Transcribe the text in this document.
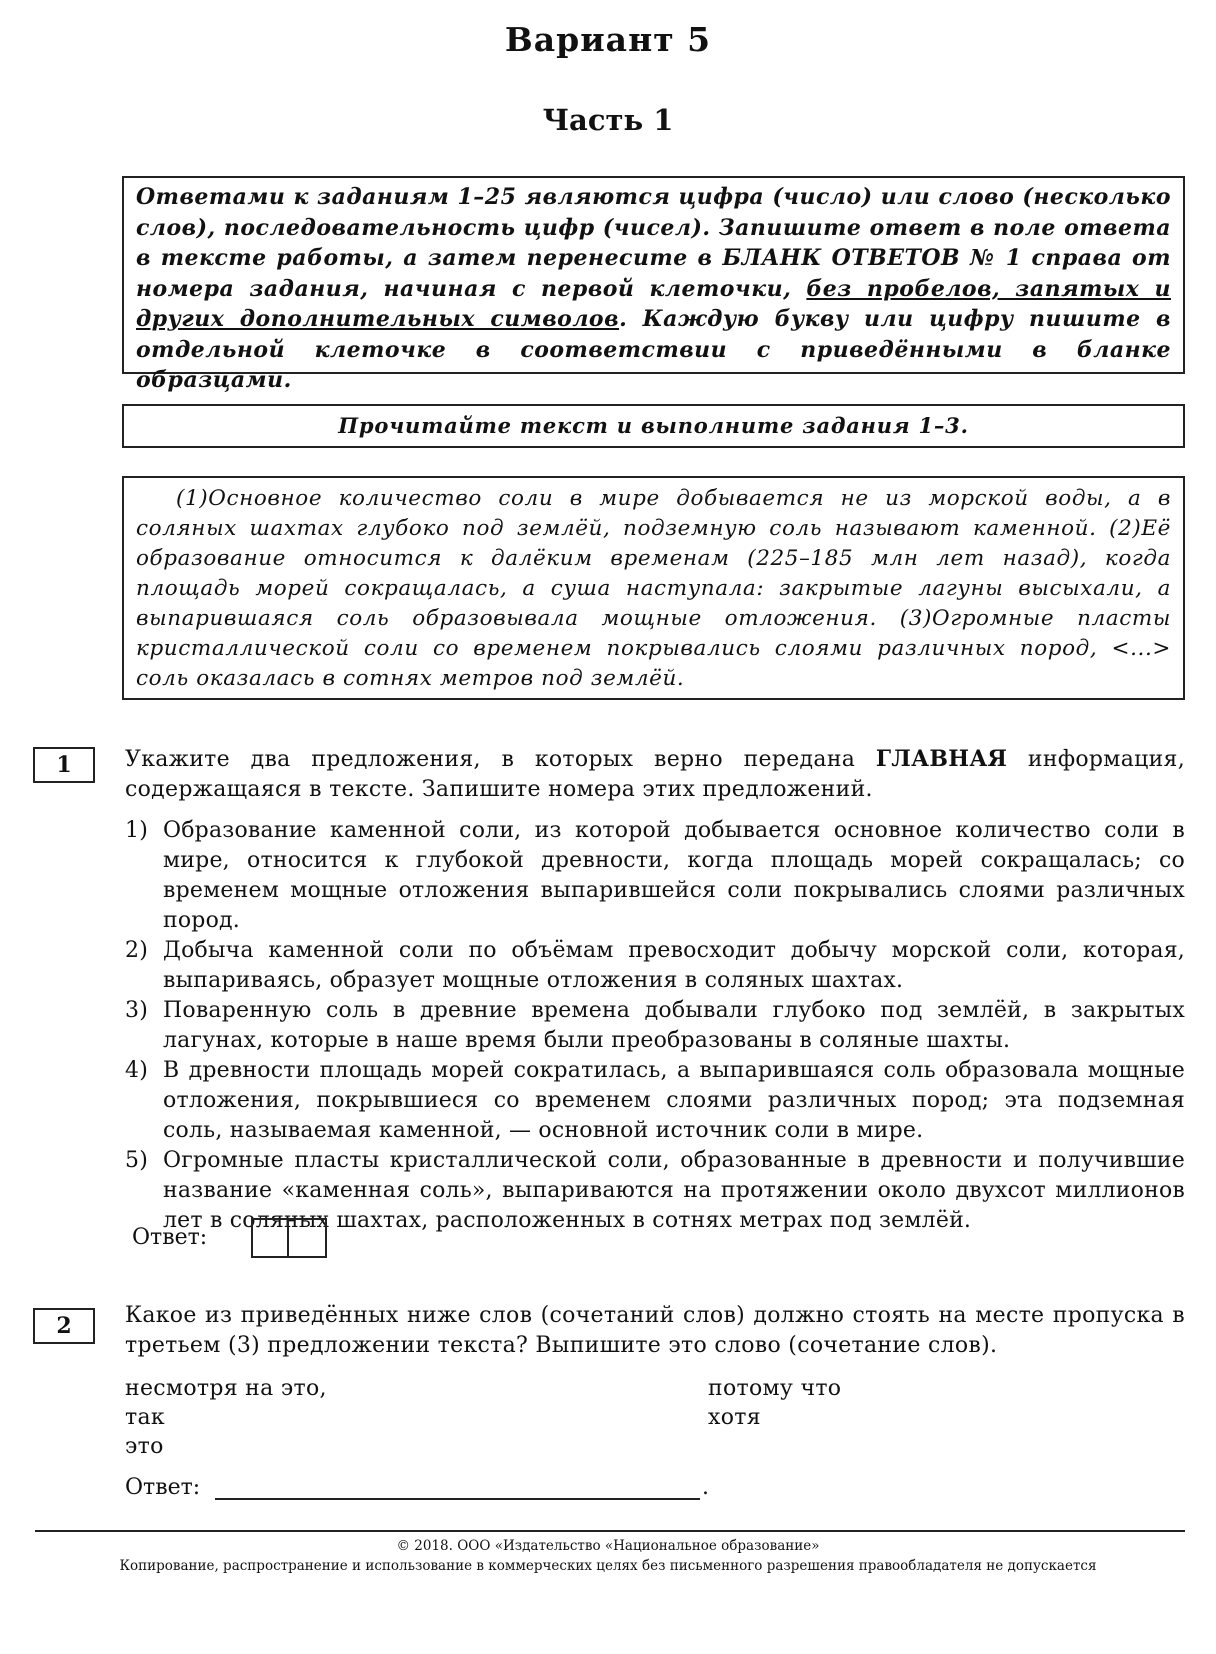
Вариант 5
Часть 1
Ответами к заданиям 1–25 являются цифра (число) или слово (несколько слов), последовательность цифр (чисел). Запишите ответ в поле ответа в тексте работы, а затем перенесите в БЛАНК ОТВЕТОВ № 1 справа от номера задания, начиная с первой клеточки, без пробелов, запятых и других дополнительных символов. Каждую букву или цифру пишите в отдельной клеточке в соответствии с приведёнными в бланке образцами.
Прочитайте текст и выполните задания 1–3.
(1)Основное количество соли в мире добывается не из морской воды, а в соляных шахтах глубоко под землёй, подземную соль называют каменной. (2)Её образование относится к далёким временам (225–185 млн лет назад), когда площадь морей сокращалась, а суша наступала: закрытые лагуны высыхали, а выпарившаяся соль образовывала мощные отложения. (3)Огромные пласты кристаллической соли со временем покрывались слоями различных пород, <...> соль оказалась в сотнях метров под землёй.
1	Укажите два предложения, в которых верно передана ГЛАВНАЯ информация, содержащаяся в тексте. Запишите номера этих предложений.
1) Образование каменной соли, из которой добывается основное количество соли в мире, относится к глубокой древности, когда площадь морей сокращалась; со временем мощные отложения выпарившейся соли покрывались слоями различных пород.
2) Добыча каменной соли по объёмам превосходит добычу морской соли, которая, выпариваясь, образует мощные отложения в соляных шахтах.
3) Поваренную соль в древние времена добывали глубоко под землёй, в закрытых лагунах, которые в наше время были преобразованы в соляные шахты.
4) В древности площадь морей сократилась, а выпарившаяся соль образовала мощные отложения, покрывшиеся со временем слоями различных пород; эта подземная соль, называемая каменной, — основной источник соли в мире.
5) Огромные пласты кристаллической соли, образованные в древности и получившие название «каменная соль», выпариваются на протяжении около двухсот миллионов лет в соляных шахтах, расположенных в сотнях метрах под землёй.
Ответ:
2	Какое из приведённых ниже слов (сочетаний слов) должно стоять на месте пропуска в третьем (3) предложении текста? Выпишите это слово (сочетание слов).
несмотря на это,
так
это
потому что
хотя
Ответ:	.
© 2018. ООО «Издательство «Национальное образование»
Копирование, распространение и использование в коммерческих целях без письменного разрешения правообладателя не допускается
